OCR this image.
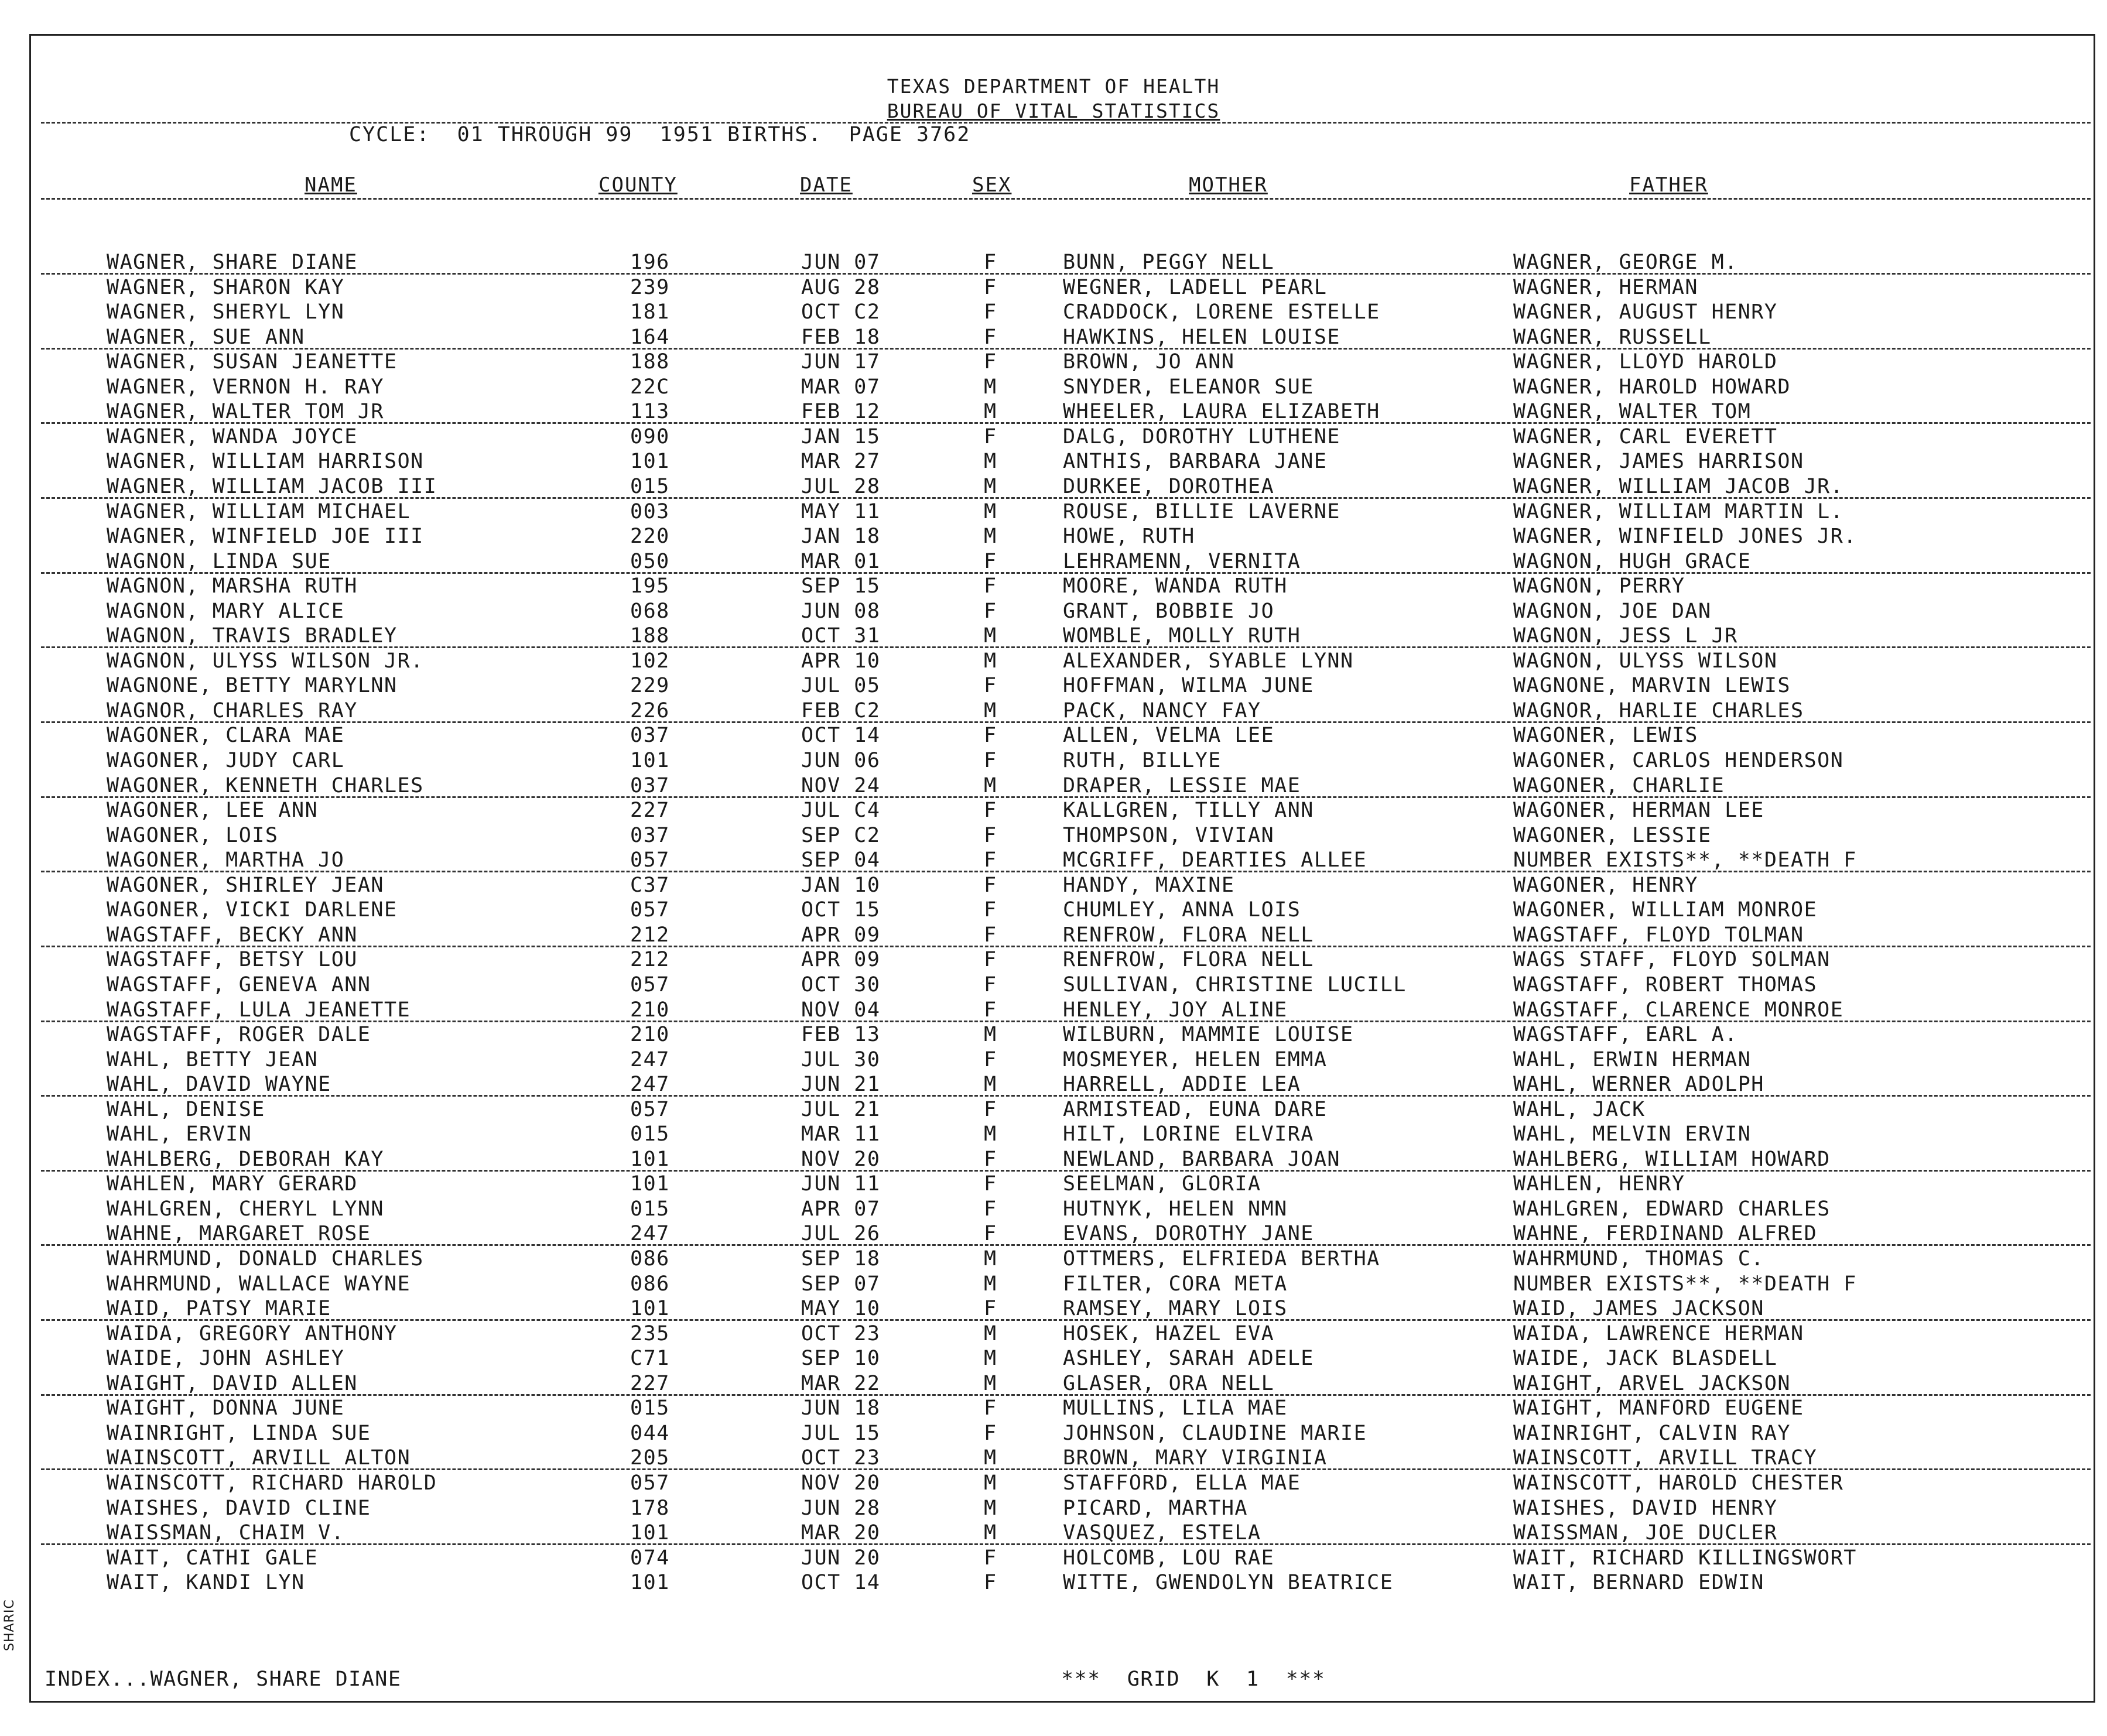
TEXAS DEPARTMENT OF HEALTH
BUREAU OF VITAL STATISTICS
CYCLE:  01 THROUGH 99  1951 BIRTHS.  PAGE 3762
NAME	COUNTY	DATE	SEX	MOTHER	FATHER
WAGNER, SHARE DIANE	196	JUN 07	F	BUNN, PEGGY NELL	WAGNER, GEORGE M.
WAGNER, SHARON KAY	239	AUG 28	F	WEGNER, LADELL PEARL	WAGNER, HERMAN
WAGNER, SHERYL LYN	181	OCT C2	F	CRADDOCK, LORENE ESTELLE	WAGNER, AUGUST HENRY
WAGNER, SUE ANN	164	FEB 18	F	HAWKINS, HELEN LOUISE	WAGNER, RUSSELL
WAGNER, SUSAN JEANETTE	188	JUN 17	F	BROWN, JO ANN	WAGNER, LLOYD HAROLD
WAGNER, VERNON H. RAY	22C	MAR 07	M	SNYDER, ELEANOR SUE	WAGNER, HAROLD HOWARD
WAGNER, WALTER TOM JR	113	FEB 12	M	WHEELER, LAURA ELIZABETH	WAGNER, WALTER TOM
WAGNER, WANDA JOYCE	090	JAN 15	F	DALG, DOROTHY LUTHENE	WAGNER, CARL EVERETT
WAGNER, WILLIAM HARRISON	101	MAR 27	M	ANTHIS, BARBARA JANE	WAGNER, JAMES HARRISON
WAGNER, WILLIAM JACOB III	015	JUL 28	M	DURKEE, DOROTHEA	WAGNER, WILLIAM JACOB JR.
WAGNER, WILLIAM MICHAEL	003	MAY 11	M	ROUSE, BILLIE LAVERNE	WAGNER, WILLIAM MARTIN L.
WAGNER, WINFIELD JOE III	220	JAN 18	M	HOWE, RUTH	WAGNER, WINFIELD JONES JR.
WAGNON, LINDA SUE	050	MAR 01	F	LEHRAMENN, VERNITA	WAGNON, HUGH GRACE
WAGNON, MARSHA RUTH	195	SEP 15	F	MOORE, WANDA RUTH	WAGNON, PERRY
WAGNON, MARY ALICE	068	JUN 08	F	GRANT, BOBBIE JO	WAGNON, JOE DAN
WAGNON, TRAVIS BRADLEY	188	OCT 31	M	WOMBLE, MOLLY RUTH	WAGNON, JESS L JR
WAGNON, ULYSS WILSON JR.	102	APR 10	M	ALEXANDER, SYABLE LYNN	WAGNON, ULYSS WILSON
WAGNONE, BETTY MARYLNN	229	JUL 05	F	HOFFMAN, WILMA JUNE	WAGNONE, MARVIN LEWIS
WAGNOR, CHARLES RAY	226	FEB C2	M	PACK, NANCY FAY	WAGNOR, HARLIE CHARLES
WAGONER, CLARA MAE	037	OCT 14	F	ALLEN, VELMA LEE	WAGONER, LEWIS
WAGONER, JUDY CARL	101	JUN 06	F	RUTH, BILLYE	WAGONER, CARLOS HENDERSON
WAGONER, KENNETH CHARLES	037	NOV 24	M	DRAPER, LESSIE MAE	WAGONER, CHARLIE
WAGONER, LEE ANN	227	JUL C4	F	KALLGREN, TILLY ANN	WAGONER, HERMAN LEE
WAGONER, LOIS	037	SEP C2	F	THOMPSON, VIVIAN	WAGONER, LESSIE
WAGONER, MARTHA JO	057	SEP 04	F	MCGRIFF, DEARTIES ALLEE	NUMBER EXISTS**, **DEATH F
WAGONER, SHIRLEY JEAN	C37	JAN 10	F	HANDY, MAXINE	WAGONER, HENRY
WAGONER, VICKI DARLENE	057	OCT 15	F	CHUMLEY, ANNA LOIS	WAGONER, WILLIAM MONROE
WAGSTAFF, BECKY ANN	212	APR 09	F	RENFROW, FLORA NELL	WAGSTAFF, FLOYD TOLMAN
WAGSTAFF, BETSY LOU	212	APR 09	F	RENFROW, FLORA NELL	WAGS STAFF, FLOYD SOLMAN
WAGSTAFF, GENEVA ANN	057	OCT 30	F	SULLIVAN, CHRISTINE LUCILL	WAGSTAFF, ROBERT THOMAS
WAGSTAFF, LULA JEANETTE	210	NOV 04	F	HENLEY, JOY ALINE	WAGSTAFF, CLARENCE MONROE
WAGSTAFF, ROGER DALE	210	FEB 13	M	WILBURN, MAMMIE LOUISE	WAGSTAFF, EARL A.
WAHL, BETTY JEAN	247	JUL 30	F	MOSMEYER, HELEN EMMA	WAHL, ERWIN HERMAN
WAHL, DAVID WAYNE	247	JUN 21	M	HARRELL, ADDIE LEA	WAHL, WERNER ADOLPH
WAHL, DENISE	057	JUL 21	F	ARMISTEAD, EUNA DARE	WAHL, JACK
WAHL, ERVIN	015	MAR 11	M	HILT, LORINE ELVIRA	WAHL, MELVIN ERVIN
WAHLBERG, DEBORAH KAY	101	NOV 20	F	NEWLAND, BARBARA JOAN	WAHLBERG, WILLIAM HOWARD
WAHLEN, MARY GERARD	101	JUN 11	F	SEELMAN, GLORIA	WAHLEN, HENRY
WAHLGREN, CHERYL LYNN	015	APR 07	F	HUTNYK, HELEN NMN	WAHLGREN, EDWARD CHARLES
WAHNE, MARGARET ROSE	247	JUL 26	F	EVANS, DOROTHY JANE	WAHNE, FERDINAND ALFRED
WAHRMUND, DONALD CHARLES	086	SEP 18	M	OTTMERS, ELFRIEDA BERTHA	WAHRMUND, THOMAS C.
WAHRMUND, WALLACE WAYNE	086	SEP 07	M	FILTER, CORA META	NUMBER EXISTS**, **DEATH F
WAID, PATSY MARIE	101	MAY 10	F	RAMSEY, MARY LOIS	WAID, JAMES JACKSON
WAIDA, GREGORY ANTHONY	235	OCT 23	M	HOSEK, HAZEL EVA	WAIDA, LAWRENCE HERMAN
WAIDE, JOHN ASHLEY	C71	SEP 10	M	ASHLEY, SARAH ADELE	WAIDE, JACK BLASDELL
WAIGHT, DAVID ALLEN	227	MAR 22	M	GLASER, ORA NELL	WAIGHT, ARVEL JACKSON
WAIGHT, DONNA JUNE	015	JUN 18	F	MULLINS, LILA MAE	WAIGHT, MANFORD EUGENE
WAINRIGHT, LINDA SUE	044	JUL 15	F	JOHNSON, CLAUDINE MARIE	WAINRIGHT, CALVIN RAY
WAINSCOTT, ARVILL ALTON	205	OCT 23	M	BROWN, MARY VIRGINIA	WAINSCOTT, ARVILL TRACY
WAINSCOTT, RICHARD HAROLD	057	NOV 20	M	STAFFORD, ELLA MAE	WAINSCOTT, HAROLD CHESTER
WAISHES, DAVID CLINE	178	JUN 28	M	PICARD, MARTHA	WAISHES, DAVID HENRY
WAISSMAN, CHAIM V.	101	MAR 20	M	VASQUEZ, ESTELA	WAISSMAN, JOE DUCLER
WAIT, CATHI GALE	074	JUN 20	F	HOLCOMB, LOU RAE	WAIT, RICHARD KILLINGSWORT
WAIT, KANDI LYN	101	OCT 14	F	WITTE, GWENDOLYN BEATRICE	WAIT, BERNARD EDWIN
INDEX...WAGNER, SHARE DIANE	***  GRID  K  1  ***
SHARIC
